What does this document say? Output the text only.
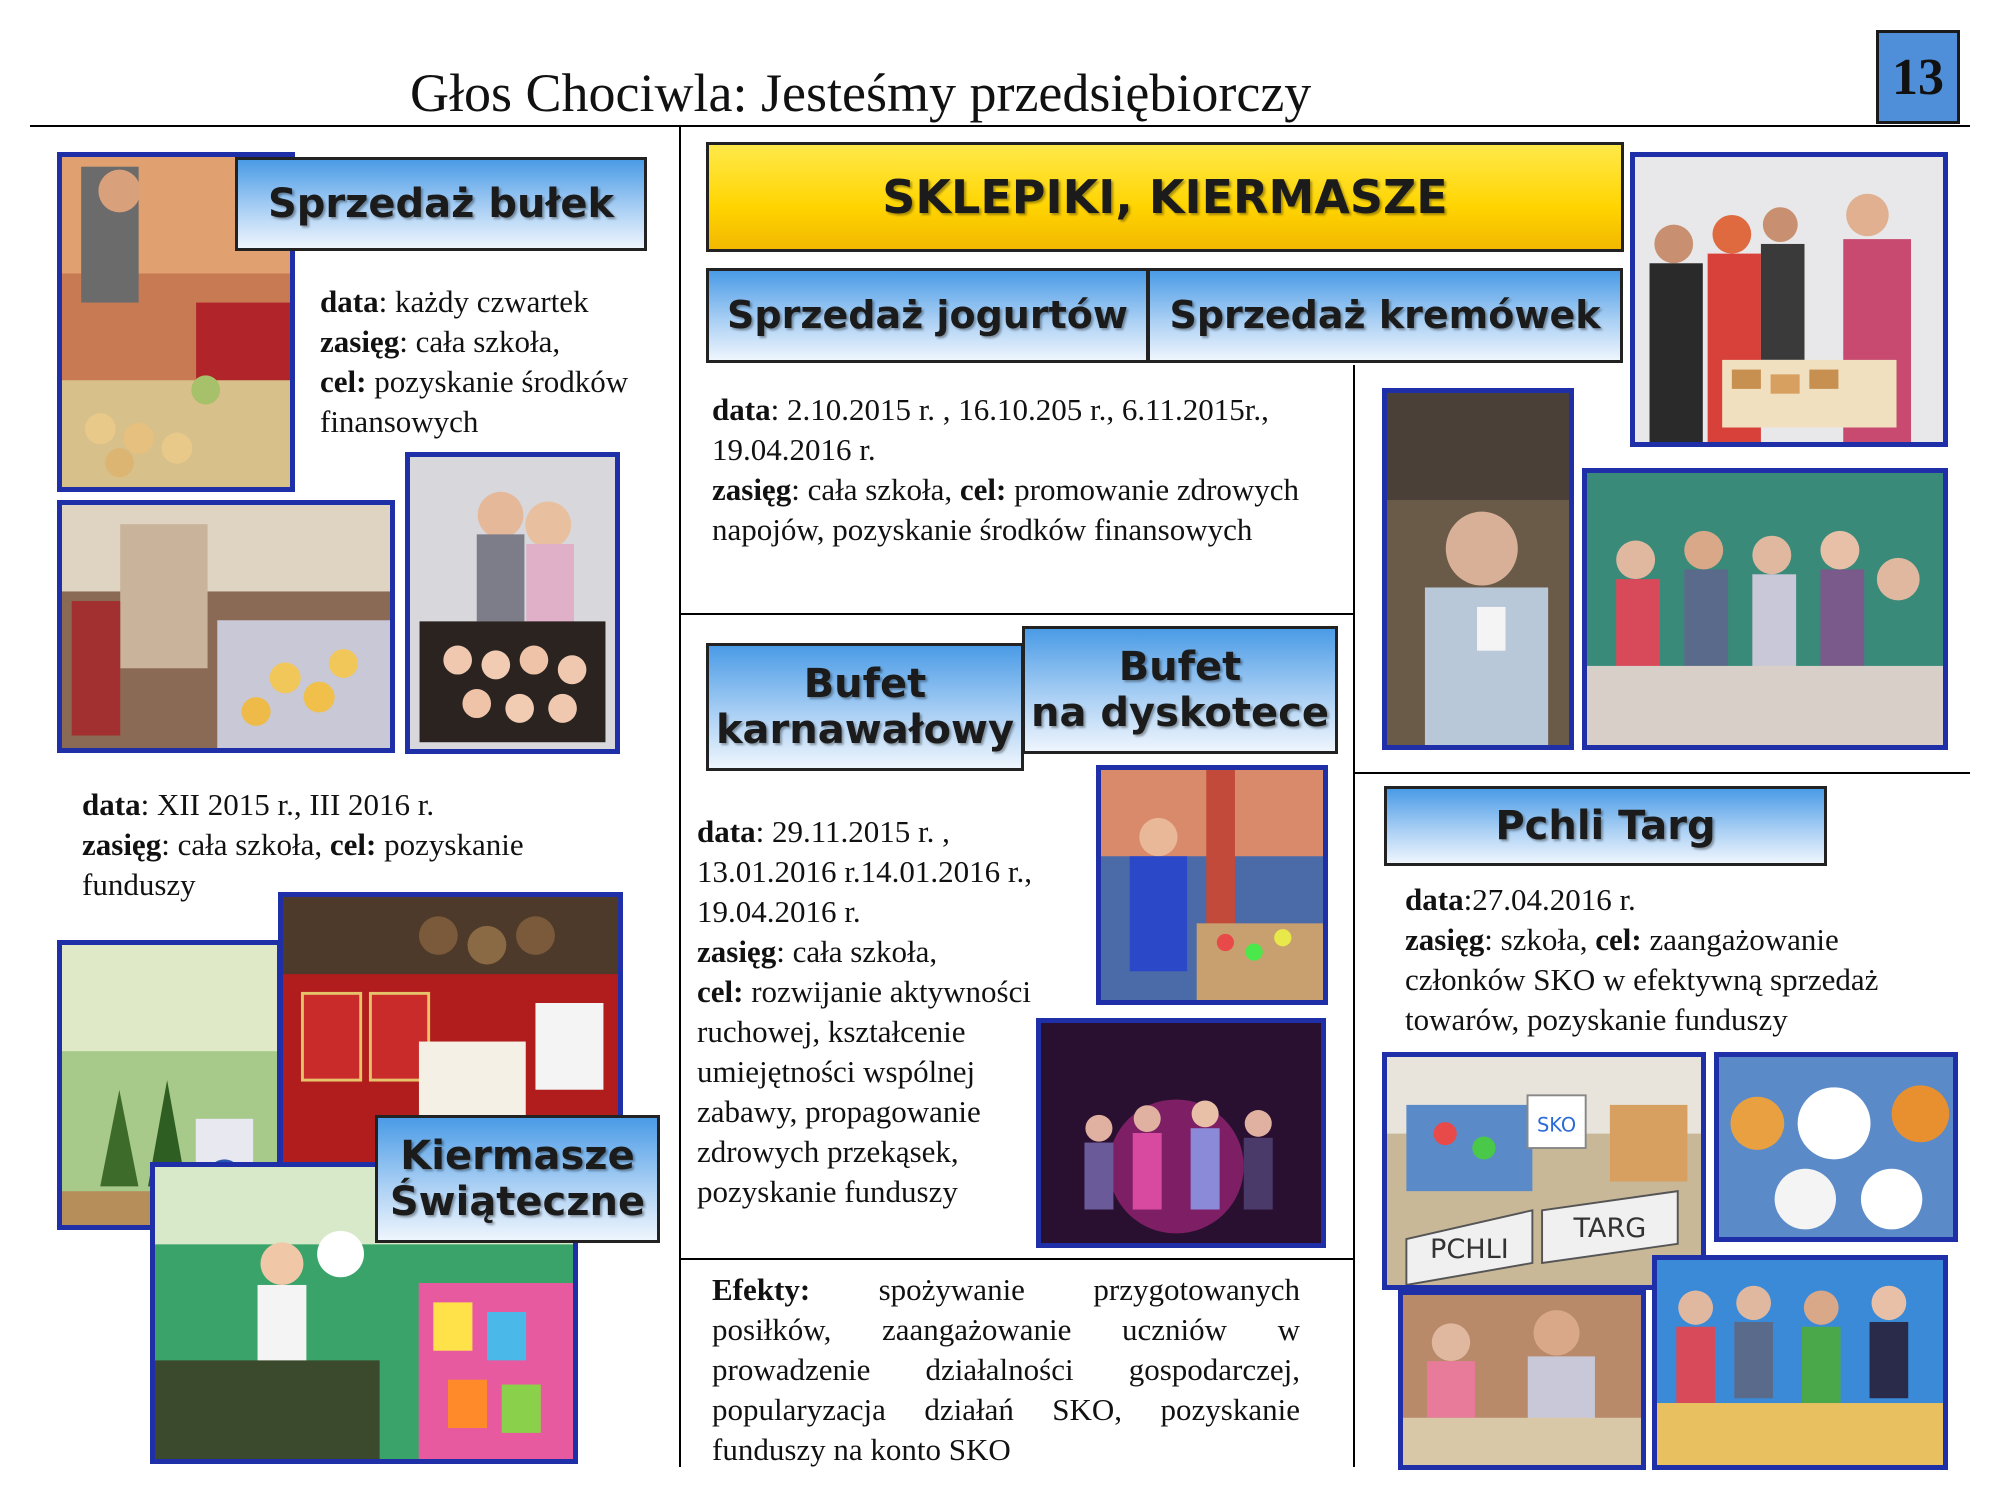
Głos Chociwla: Jesteśmy przedsiębiorczy	13
Sprzedaż bułek
data: każdy czwartek
zasięg: cała szkoła,
cel: pozyskanie środków finansowych
data: XII 2015 r., III 2016 r.
zasięg: cała szkoła, cel: pozyskanie funduszy
Kiermasze
Świąteczne
SKLEPIKI, KIERMASZE
Sprzedaż jogurtów	Sprzedaż kremówek
data: 2.10.2015 r. , 16.10.205 r., 6.11.2015r., 19.04.2016 r.
zasięg: cała szkoła, cel: promowanie zdrowych napojów, pozyskanie środków finansowych
Bufet
karnawałowy
Bufet
na dyskotece
data: 29.11.2015 r. , 13.01.2016 r.14.01.2016 r., 19.04.2016 r.
zasięg: cała szkoła,
cel: rozwijanie aktywności ruchowej, kształcenie umiejętności wspólnej zabawy, propagowanie zdrowych przekąsek, pozyskanie funduszy
Efekty: spożywanie przygotowanych posiłków, zaangażowanie uczniów w prowadzenie działalności gospodarczej, popularyzacja działań SKO, pozyskanie funduszy na konto SKO
Pchli Targ
data:27.04.2016 r.
zasięg: szkoła, cel: zaangażowanie członków SKO w efektywną sprzedaż towarów, pozyskanie funduszy
SKO
PCHLI
TARG
